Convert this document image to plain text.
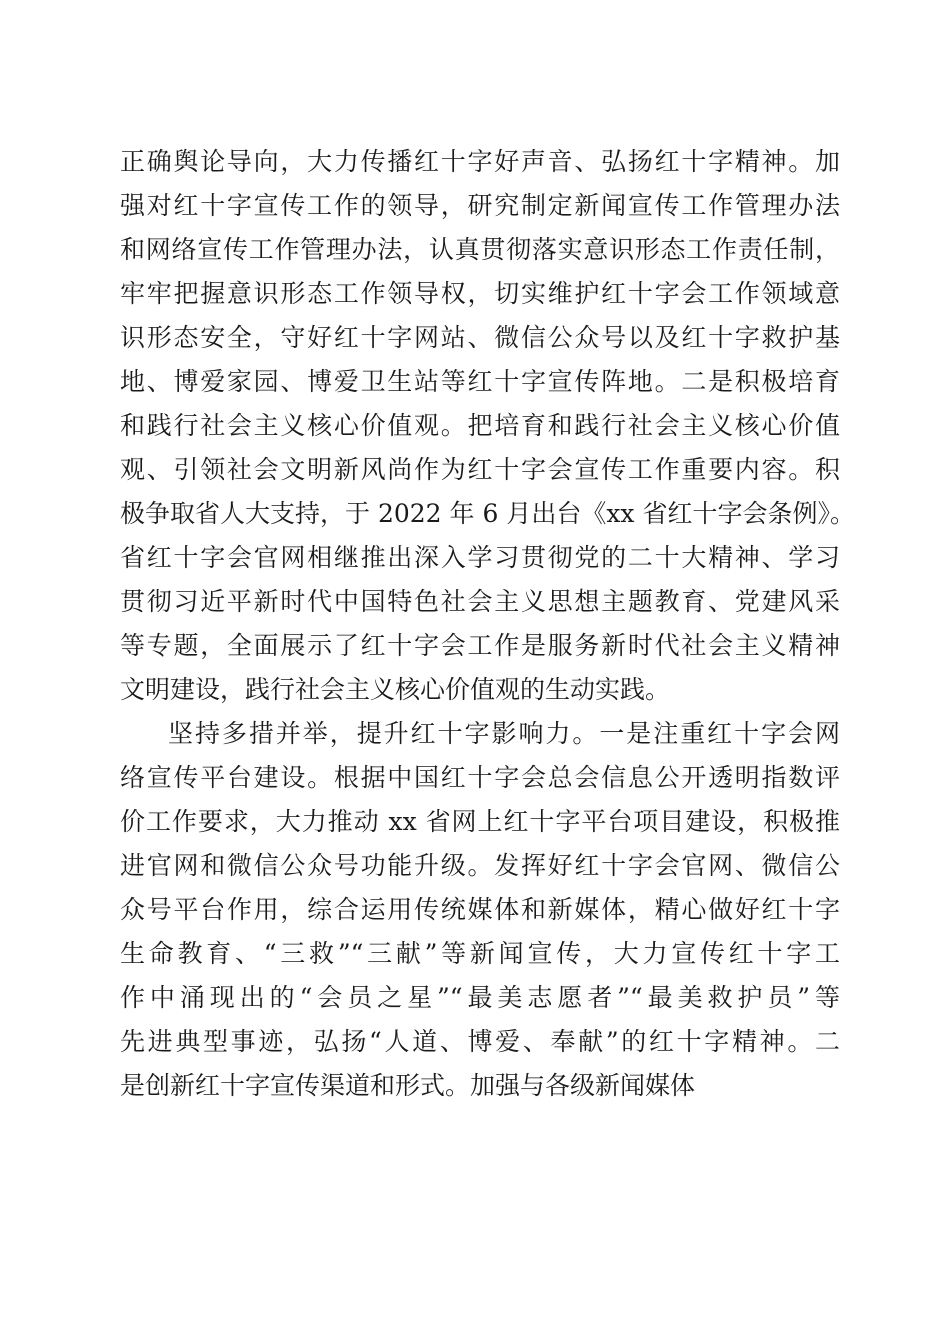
正确舆论导向，大力传播红十字好声音、弘扬红十字精神。加
强对红十字宣传工作的领导，研究制定新闻宣传工作管理办法
和网络宣传工作管理办法，认真贯彻落实意识形态工作责任制，
牢牢把握意识形态工作领导权，切实维护红十字会工作领域意
识形态安全，守好红十字网站、微信公众号以及红十字救护基
地、博爱家园、博爱卫生站等红十字宣传阵地。二是积极培育
和践行社会主义核心价值观。把培育和践行社会主义核心价值
观、引领社会文明新风尚作为红十字会宣传工作重要内容。积
极争取省人大支持，于 2022 年 6 月出台《xx 省红十字会条例》。
省红十字会官网相继推出深入学习贯彻党的二十大精神、学习
贯彻习近平新时代中国特色社会主义思想主题教育、党建风采
等专题，全面展示了红十字会工作是服务新时代社会主义精神
文明建设，践行社会主义核心价值观的生动实践。
坚持多措并举，提升红十字影响力。一是注重红十字会网
络宣传平台建设。根据中国红十字会总会信息公开透明指数评
价工作要求，大力推动 xx 省网上红十字平台项目建设，积极推
进官网和微信公众号功能升级。发挥好红十字会官网、微信公
众号平台作用，综合运用传统媒体和新媒体，精心做好红十字
生命教育、“三救”“三献”等新闻宣传，大力宣传红十字工
作中涌现出的“会员之星”“最美志愿者”“最美救护员”等
先进典型事迹，弘扬“人道、博爱、奉献”的红十字精神。二
是创新红十字宣传渠道和形式。加强与各级新闻媒体
